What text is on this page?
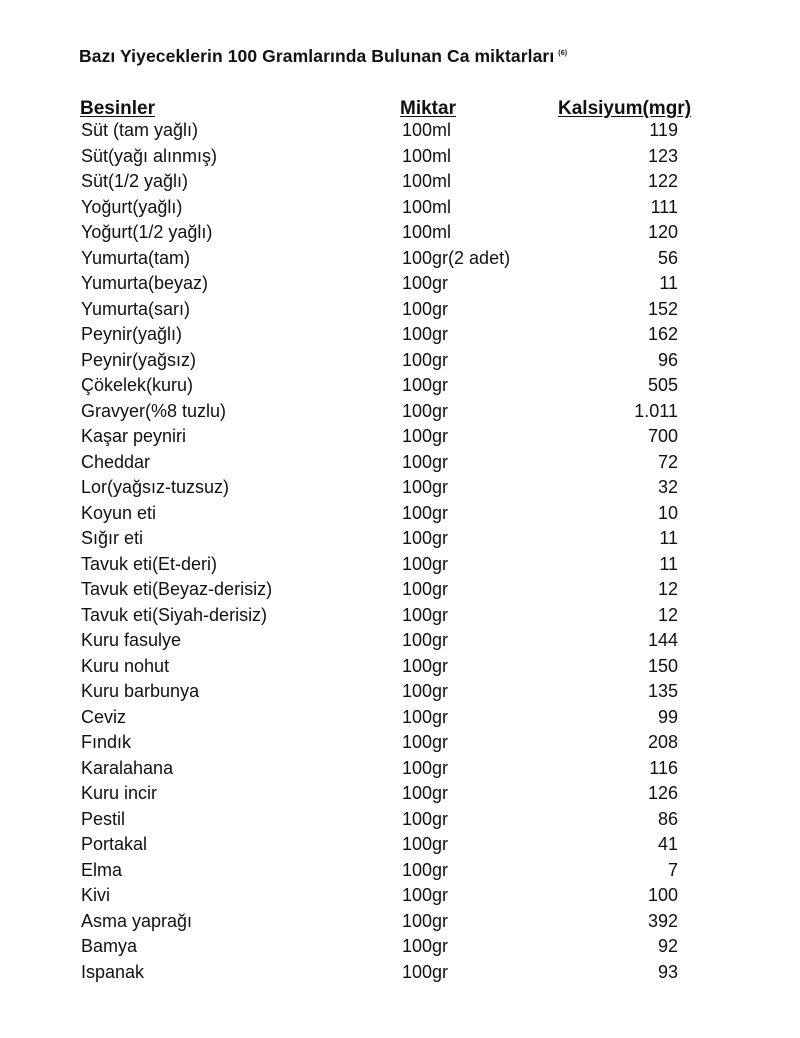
Bazı Yiyeceklerin 100 Gramlarında Bulunan Ca miktarları $^{(6)}$
Besinler	Miktar	Kalsiyum(mgr)
Süt (tam yağlı)	100ml	119
Süt(yağı alınmış)	100ml	123
Süt(1/2 yağlı)	100ml	122
Yoğurt(yağlı)	100ml	111
Yoğurt(1/2 yağlı)	100ml	120
Yumurta(tam)	100gr(2 adet)	56
Yumurta(beyaz)	100gr	11
Yumurta(sarı)	100gr	152
Peynir(yağlı)	100gr	162
Peynir(yağsız)	100gr	96
Çökelek(kuru)	100gr	505
Gravyer(%8 tuzlu)	100gr	1.011
Kaşar peyniri	100gr	700
Cheddar	100gr	72
Lor(yağsız-tuzsuz)	100gr	32
Koyun eti	100gr	10
Sığır eti	100gr	11
Tavuk eti(Et-deri)	100gr	11
Tavuk eti(Beyaz-derisiz)	100gr	12
Tavuk eti(Siyah-derisiz)	100gr	12
Kuru fasulye	100gr	144
Kuru nohut	100gr	150
Kuru barbunya	100gr	135
Ceviz	100gr	99
Fındık	100gr	208
Karalahana	100gr	116
Kuru incir	100gr	126
Pestil	100gr	86
Portakal	100gr	41
Elma	100gr	7
Kivi	100gr	100
Asma yaprağı	100gr	392
Bamya	100gr	92
Ispanak	100gr	93
